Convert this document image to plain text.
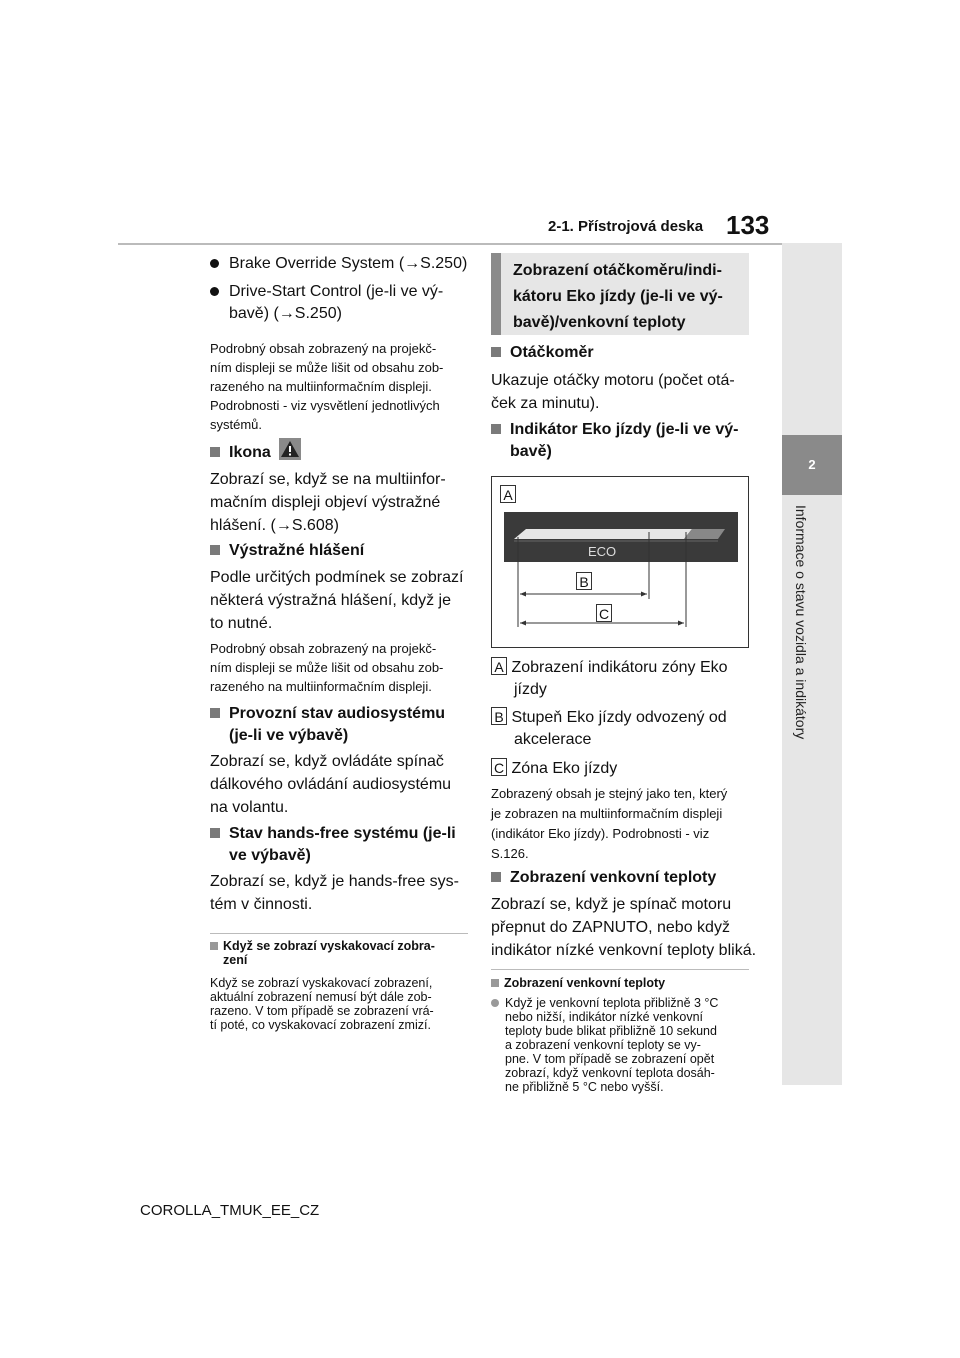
2-1. Přístrojová deska 133
2
Informace o stavu vozidla a indikátory
Brake Override System (→S.250)
Drive-Start Control (je-li ve vý-
bavě) (→S.250)
Podrobný obsah zobrazený na projekč-
ním displeji se může lišit od obsahu zob-
razeného na multiinformačním displeji.
Podrobnosti - viz vysvětlení jednotlivých
systémů.
Ikona
Zobrazí se, když se na multiinfor-
mačním displeji objeví výstražné
hlášení. (→S.608)
Výstražné hlášení
Podle určitých podmínek se zobrazí
některá výstražná hlášení, když je
to nutné.
Podrobný obsah zobrazený na projekč-
ním displeji se může lišit od obsahu zob-
razeného na multiinformačním displeji.
Provozní stav audiosystému
(je-li ve výbavě)
Zobrazí se, když ovládáte spínač
dálkového ovládání audiosystému
na volantu.
Stav hands-free systému (je-li
ve výbavě)
Zobrazí se, když je hands-free sys-
tém v činnosti.
Když se zobrazí vyskakovací zobra-
zení
Když se zobrazí vyskakovací zobrazení,
aktuální zobrazení nemusí být dále zob-
razeno. V tom případě se zobrazení vrá-
tí poté, co vyskakovací zobrazení zmizí.
Zobrazení otáčkoměru/indi-
kátoru Eko jízdy (je-li ve vý-
bavě)/venkovní teploty
Otáčkoměr
Ukazuje otáčky motoru (počet otá-
ček za minutu).
Indikátor Eko jízdy (je-li ve vý-
bavě)
ECO
A
B
C
A Zobrazení indikátoru zóny Eko
jízdy
B Stupeň Eko jízdy odvozený od
akcelerace
C Zóna Eko jízdy
Zobrazený obsah je stejný jako ten, který
je zobrazen na multiinformačním displeji
(indikátor Eko jízdy). Podrobnosti - viz
S.126.
Zobrazení venkovní teploty
Zobrazí se, když je spínač motoru
přepnut do ZAPNUTO, nebo když
indikátor nízké venkovní teploty bliká.
Zobrazení venkovní teploty
Když je venkovní teplota přibližně 3 °C
nebo nižší, indikátor nízké venkovní
teploty bude blikat přibližně 10 sekund
a zobrazení venkovní teploty se vy-
pne. V tom případě se zobrazení opět
zobrazí, když venkovní teplota dosáh-
ne přibližně 5 °C nebo vyšší.
COROLLA_TMUK_EE_CZ
